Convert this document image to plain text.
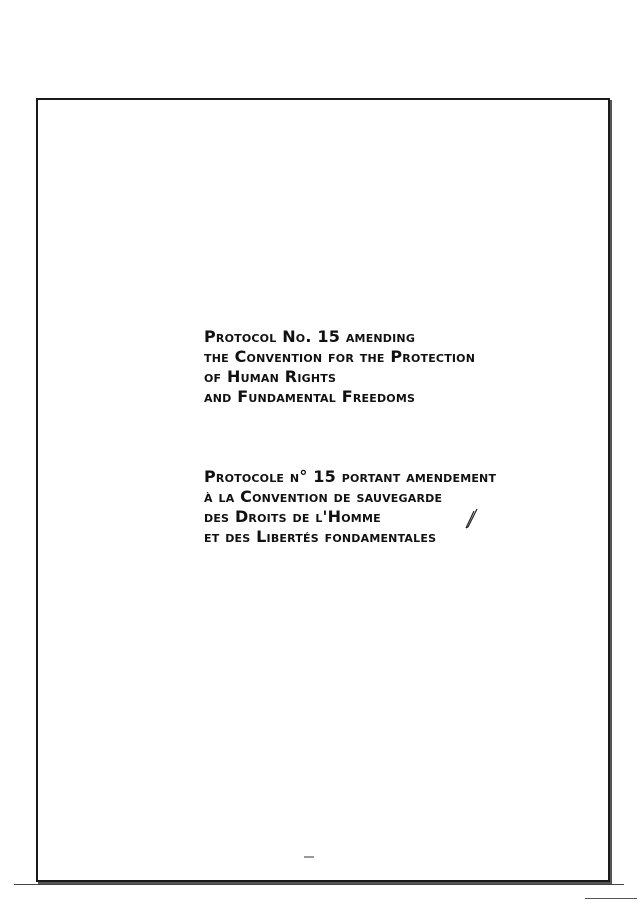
Protocol No. 15 amending
the Convention for the Protection
of Human Rights
and Fundamental Freedoms
Protocole n° 15 portant amendement
à la Convention de sauvegarde
des Droits de l'Homme
et des Libertés fondamentales
